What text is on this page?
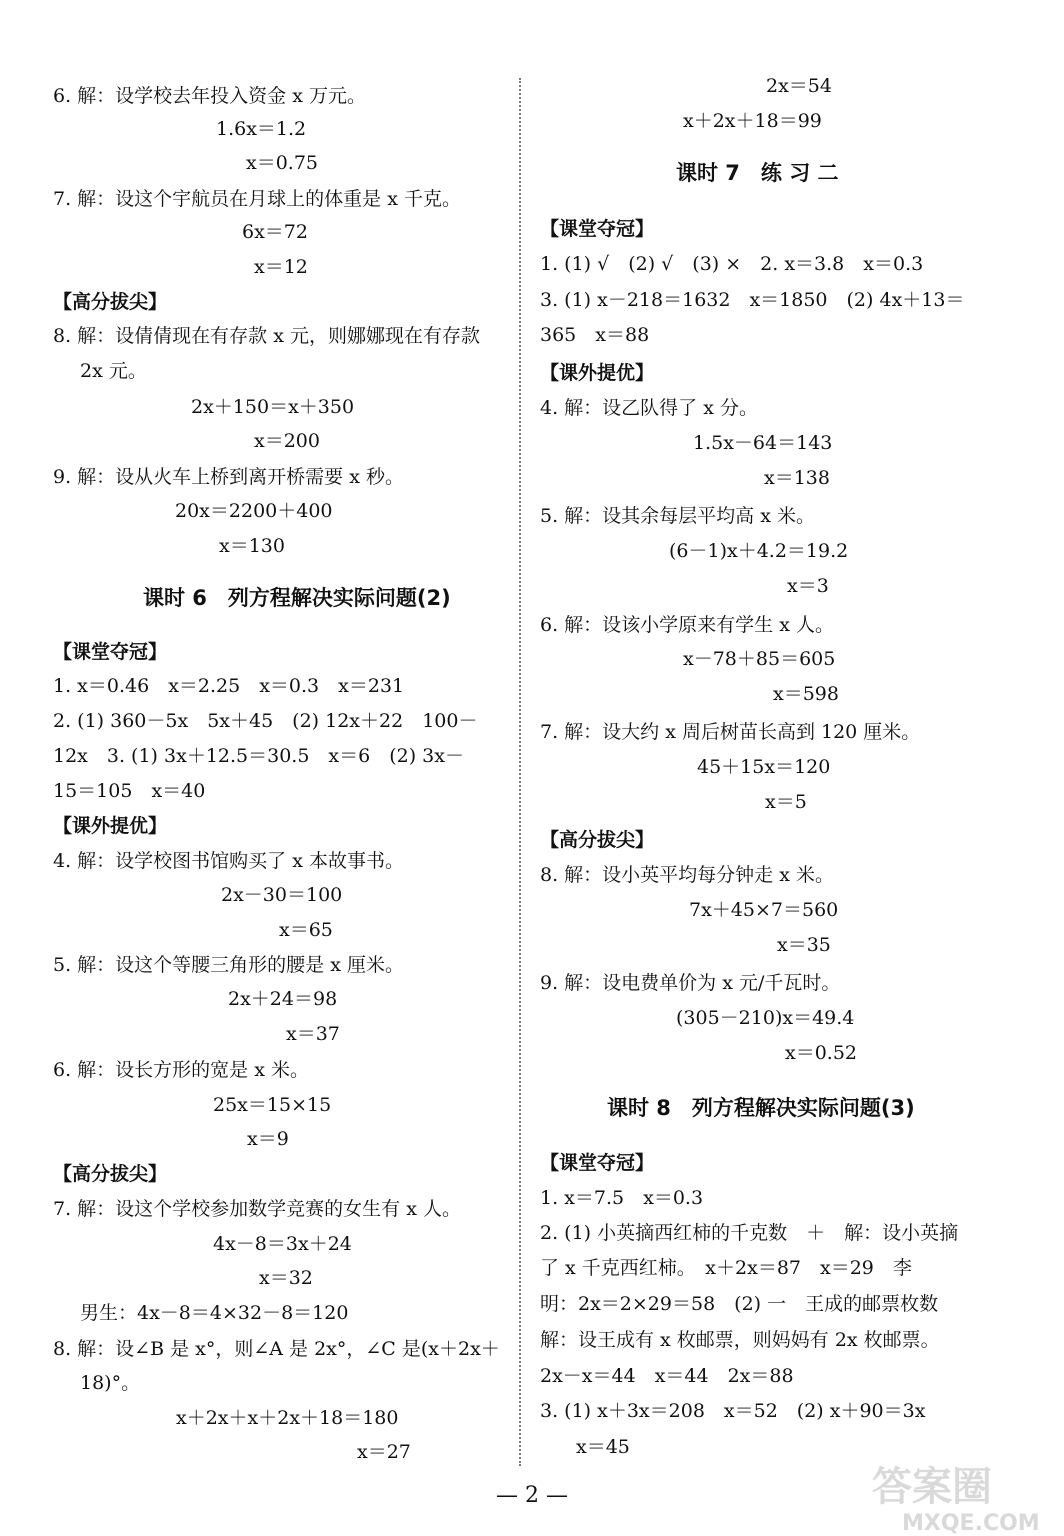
6. 解：设学校去年投入资金 x 万元。
1.6x＝1.2
x＝0.75
7. 解：设这个宇航员在月球上的体重是 x 千克。
6x＝72
x＝12
【高分拔尖】
8. 解：设倩倩现在有存款 x 元，则娜娜现在有存款
2x 元。
2x＋150＝x＋350
x＝200
9. 解：设从火车上桥到离开桥需要 x 秒。
20x＝2200＋400
x＝130
课时 6　列方程解决实际问题(2)
【课堂夺冠】
1. x＝0.46　x＝2.25　x＝0.3　x＝231
2. (1) 360－5x　5x＋45　(2) 12x＋22　100－
12x　3. (1) 3x＋12.5＝30.5　x＝6　(2) 3x－
15＝105　x＝40
【课外提优】
4. 解：设学校图书馆购买了 x 本故事书。
2x－30＝100
x＝65
5. 解：设这个等腰三角形的腰是 x 厘米。
2x＋24＝98
x＝37
6. 解：设长方形的宽是 x 米。
25x＝15×15
x＝9
【高分拔尖】
7. 解：设这个学校参加数学竞赛的女生有 x 人。
4x－8＝3x＋24
x＝32
男生：4x－8＝4×32－8＝120
8. 解：设∠B 是 x°，则∠A 是 2x°，∠C 是(x＋2x＋
18)°。
x＋2x＋x＋2x＋18＝180
x＝27
2x＝54
x＋2x＋18＝99
课时 7　练 习 二
【课堂夺冠】
1. (1) √　(2) √　(3) ×　2. x＝3.8　x＝0.3
3. (1) x－218＝1632　x＝1850　(2) 4x＋13＝
365　x＝88
【课外提优】
4. 解：设乙队得了 x 分。
1.5x－64＝143
x＝138
5. 解：设其余每层平均高 x 米。
(6－1)x＋4.2＝19.2
x＝3
6. 解：设该小学原来有学生 x 人。
x－78＋85＝605
x＝598
7. 解：设大约 x 周后树苗长高到 120 厘米。
45＋15x＝120
x＝5
【高分拔尖】
8. 解：设小英平均每分钟走 x 米。
7x＋45×7＝560
x＝35
9. 解：设电费单价为 x 元/千瓦时。
(305－210)x＝49.4
x＝0.52
课时 8　列方程解决实际问题(3)
【课堂夺冠】
1. x＝7.5　x＝0.3
2. (1) 小英摘西红柿的千克数　＋　解：设小英摘
了 x 千克西红柿。　x＋2x＝87　x＝29　李
明：2x＝2×29＝58　(2) 一　王成的邮票枚数
解：设王成有 x 枚邮票，则妈妈有 2x 枚邮票。
2x－x＝44　x＝44　2x＝88
3. (1) x＋3x＝208　x＝52　(2) x＋90＝3x
x＝45
— 2 —	答案圈
MXQE.COM
